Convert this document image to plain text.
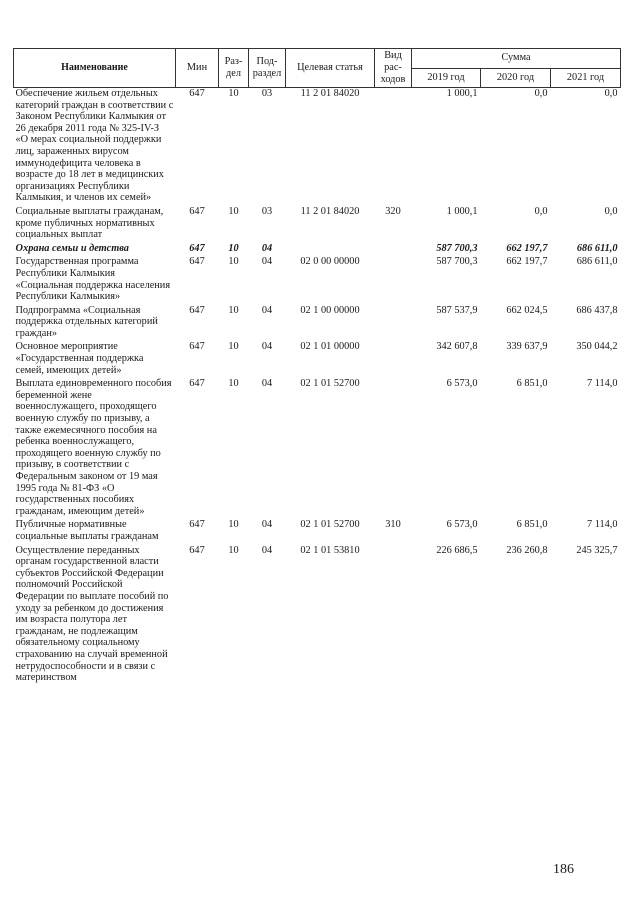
Наименование	Мин	Раз-дел	Под-раздел	Целевая статья	Вид рас-ходов	Сумма		
						2019 год	2020 год	2021 год
Обеспечение жильем отдельных категорий граждан в соответствии с Законом Республики Калмыкия от 26 декабря 2011 года № 325-IV-З «О мерах социальной поддержки лиц, зараженных вирусом иммунодефицита человека в возрасте до 18 лет в медицинских организациях Республики Калмыкия, и членов их семей»	647	10	03	11 2 01 84020		1 000,1	0,0	0,0
Социальные выплаты гражданам, кроме публичных нормативных социальных выплат	647	10	03	11 2 01 84020	320	1 000,1	0,0	0,0
Охрана семьи и детства	647	10	04			587 700,3	662 197,7	686 611,0
Государственная программа Республики Калмыкия «Социальная поддержка населения Республики Калмыкия»	647	10	04	02 0 00 00000		587 700,3	662 197,7	686 611,0
Подпрограмма «Социальная поддержка отдельных категорий граждан»	647	10	04	02 1 00 00000		587 537,9	662 024,5	686 437,8
Основное мероприятие «Государственная поддержка семей, имеющих детей»	647	10	04	02 1 01 00000		342 607,8	339 637,9	350 044,2
Выплата единовременного пособия беременной жене военнослужащего, проходящего военную службу по призыву, а также ежемесячного пособия на ребенка военнослужащего, проходящего военную службу по призыву, в соответствии с Федеральным законом от 19 мая 1995 года № 81-ФЗ «О государственных пособиях гражданам, имеющим детей»	647	10	04	02 1 01 52700		6 573,0	6 851,0	7 114,0
Публичные нормативные социальные выплаты гражданам	647	10	04	02 1 01 52700	310	6 573,0	6 851,0	7 114,0
Осуществление переданных органам государственной власти субъектов Российской Федерации полномочий Российской Федерации по выплате пособий по уходу за ребенком до достижения им возраста полутора лет гражданам, не подлежащим обязательному социальному страхованию на случай временной нетрудоспособности и в связи с материнством	647	10	04	02 1 01 53810		226 686,5	236 260,8	245 325,7
186
